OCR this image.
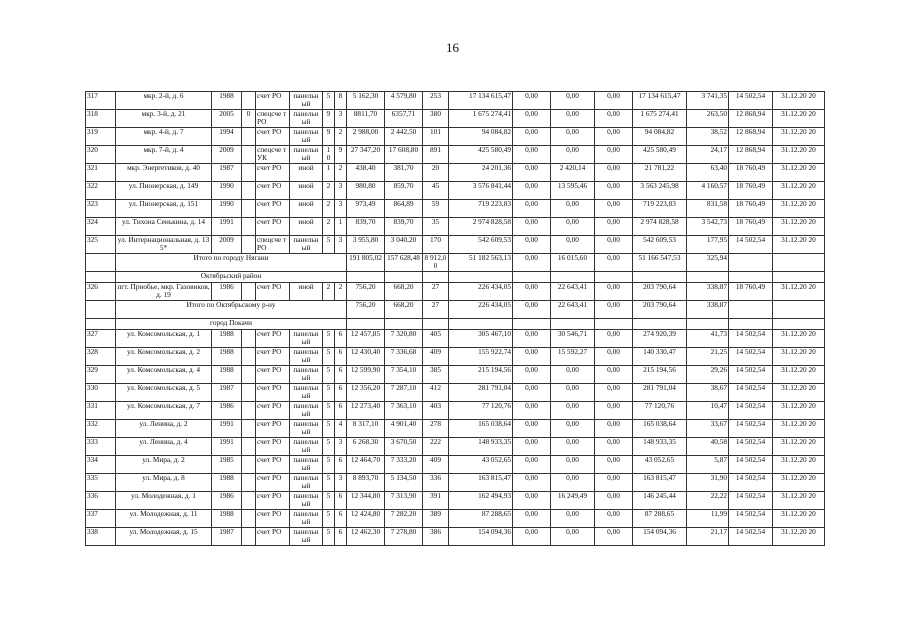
16
317	мкр. 2-й, д. 6	1988		счет РО	панельн ый	5	8	5 162,30	4 579,80	253	17 134 615,47	0,00	0,00	0,00	17 134 615,47	3 741,35	14 502,54	31.12.20 20
318	мкр. 3-й, д. 21	2005	0	спецсче т РО	панельн ый	9	3	8811,70	6357,71	380	1 675 274,41	0,00	0,00	0,00	1 675 274,41	263,50	12 868,94	31.12.20 20
319	мкр. 4-й, д. 7	1994		счет РО	панельн ый	9	2	2 988,00	2 442,50	101	94 084,82	0,00	0,00	0,00	94 084,82	38,52	12 868,94	31.12.20 20
320	мкр. 7-й, д. 4	2009		спецсче т УК	панельн ый	1 0	9	27 347,20	17 608,80	891	425 580,49	0,00	0,00	0,00	425 580,49	24,17	12 868,94	31.12.20 20
321	мкр. Энергетиков, д. 40	1987		счет РО	иной	1	2	438,40	381,70	20	24 201,36	0,00	2 420,14	0,00	21 781,22	63,40	18 760,49	31.12.20 20
322	ул. Пионерская, д. 149	1990		счет РО	иной	2	3	980,80	859,70	45	3 576 841,44	0,00	13 595,46	0,00	3 563 245,98	4 160,57	18 760,49	31.12.20 20
323	ул. Пионерская, д. 151	1990		счет РО	иной	2	3	973,49	864,89	59	719 223,83	0,00	0,00	0,00	719 223,83	831,58	18 760,49	31.12.20 20
324	ул. Тихона Сенькина, д. 14	1991		счет РО	иной	2	1	839,70	839,70	35	2 974 828,58	0,00	0,00	0,00	2 974 828,58	3 542,73	18 760,49	31.12.20 20
325	ул. Интернациональная, д. 135*	2009		спецсче т РО	панельн ый	5	3	3 955,80	3 040,20	170	542 609,53	0,00	0,00	0,00	542 609,53	177,95	14 502,54	31.12.20 20
	Итого по городу Нягани							191 805,02	157 628,48	8 912,00	51 182 563,13	0,00	16 015,60	0,00	51 166 547,53	325,94		
	Октябрьский район																	
326	пгт. Приобье, мкр. Газовиков, д. 19	1986		счет РО	иной	2	2	756,20	668,20	27	226 434,05	0,00	22 643,41	0,00	203 790,64	338,87	18 760,49	31.12.20 20
	Итого по Октябрьскому р-ну							756,20	668,20	27	226 434,05	0,00	22 643,41	0,00	203 790,64	338,87		
	город Покачи																	
327	ул. Комсомольская, д. 1	1988		счет РО	панельн ый	5	6	12 457,85	7 320,80	405	305 467,10	0,00	30 546,71	0,00	274 920,39	41,73	14 502,54	31.12.20 20
328	ул. Комсомольская, д. 2	1988		счет РО	панельн ый	5	6	12 430,40	7 336,68	409	155 922,74	0,00	15 592,27	0,00	140 330,47	21,25	14 502,54	31.12.20 20
329	ул. Комсомольская, д. 4	1988		счет РО	панельн ый	5	6	12 599,90	7 354,10	385	215 194,56	0,00	0,00	0,00	215 194,56	29,26	14 502,54	31.12.20 20
330	ул. Комсомольская, д. 5	1987		счет РО	панельн ый	5	6	12 356,20	7 287,10	412	281 791,04	0,00	0,00	0,00	281 791,04	38,67	14 502,54	31.12.20 20
331	ул. Комсомольская, д. 7	1986		счет РО	панельн ый	5	6	12 273,40	7 363,10	403	77 120,76	0,00	0,00	0,00	77 120,76	10,47	14 502,54	31.12.20 20
332	ул. Ленина, д. 2	1991		счет РО	панельн ый	5	4	8 317,10	4 901,40	278	165 038,64	0,00	0,00	0,00	165 038,64	33,67	14 502,54	31.12.20 20
333	ул. Ленина, д. 4	1991		счет РО	панельн ый	5	3	6 268,30	3 670,50	222	148 933,35	0,00	0,00	0,00	148 933,35	40,58	14 502,54	31.12.20 20
334	ул. Мира, д. 2	1985		счет РО	панельн ый	5	6	12 464,70	7 333,20	409	43 052,65	0,00	0,00	0,00	43 052,65	5,87	14 502,54	31.12.20 20
335	ул. Мира, д. 8	1988		счет РО	панельн ый	5	3	8 893,70	5 134,50	336	163 815,47	0,00	0,00	0,00	163 815,47	31,90	14 502,54	31.12.20 20
336	ул. Молодежная, д. 1	1986		счет РО	панельн ый	5	6	12 344,80	7 313,90	391	162 494,93	0,00	16 249,49	0,00	146 245,44	22,22	14 502,54	31.12.20 20
337	ул. Молодежная, д. 11	1988		счет РО	панельн ый	5	6	12 424,80	7 282,20	389	87 288,65	0,00	0,00	0,00	87 288,65	11,99	14 502,54	31.12.20 20
338	ул. Молодежная, д. 15	1987		счет РО	панельн ый	5	6	12 462,30	7 278,80	386	154 094,36	0,00	0,00	0,00	154 094,36	21,17	14 502,54	31.12.20 20
